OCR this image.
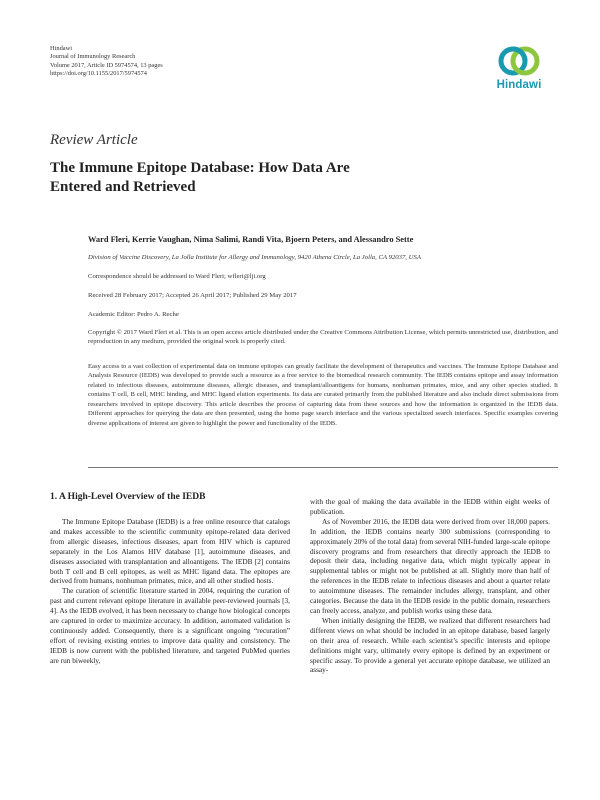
Hindawi
Journal of Immunology Research
Volume 2017, Article ID 5974574, 13 pages
https://doi.org/10.1155/2017/5974574
Hindawi
Review Article
The Immune Epitope Database: How Data Are
Entered and Retrieved
Ward Fleri, Kerrie Vaughan, Nima Salimi, Randi Vita, Bjoern Peters, and Alessandro Sette
Division of Vaccine Discovery, La Jolla Institute for Allergy and Immunology, 9420 Athena Circle, La Jolla, CA 92037, USA
Correspondence should be addressed to Ward Fleri; wfleri@lji.org
Received 28 February 2017; Accepted 26 April 2017; Published 29 May 2017
Academic Editor: Pedro A. Reche
Copyright © 2017 Ward Fleri et al. This is an open access article distributed under the Creative Commons Attribution License, which permits unrestricted use, distribution, and reproduction in any medium, provided the original work is properly cited.

Easy access to a vast collection of experimental data on immune epitopes can greatly facilitate the development of therapeutics and vaccines. The Immune Epitope Database and Analysis Resource (IEDB) was developed to provide such a resource as a free service to the biomedical research community. The IEDB contains epitope and assay information related to infectious diseases, autoimmune diseases, allergic diseases, and transplant/alloantigens for humans, nonhuman primates, mice, and any other species studied. It contains T cell, B cell, MHC binding, and MHC ligand elution experiments. Its data are curated primarily from the published literature and also include direct submissions from researchers involved in epitope discovery. This article describes the process of capturing data from these sources and how the information is organized in the IEDB data. Different approaches for querying the data are then presented, using the home page search interface and the various specialized search interfaces. Specific examples covering diverse applications of interest are given to highlight the power and functionality of the IEDB.

1. A High-Level Overview of the IEDB

The Immune Epitope Database (IEDB) is a free online resource that catalogs and makes accessible to the scientific community epitope-related data derived from allergic diseases, infectious diseases, apart from HIV which is captured separately in the Los Alamos HIV database [1], autoimmune diseases, and diseases associated with transplantation and alloantigens. The IEDB [2] contains both T cell and B cell epitopes, as well as MHC ligand data. The epitopes are derived from humans, nonhuman primates, mice, and all other studied hosts.

The curation of scientific literature started in 2004, requiring the curation of past and current relevant epitope literature in available peer-reviewed journals [3, 4]. As the IEDB evolved, it has been necessary to change how biological concepts are captured in order to maximize accuracy. In addition, automated validation is continuously added. Consequently, there is a significant ongoing “recuration” effort of revising existing entries to improve data quality and consistency. The IEDB is now current with the published literature, and targeted PubMed queries are run biweekly,

with the goal of making the data available in the IEDB within eight weeks of publication.

As of November 2016, the IEDB data were derived from over 18,000 papers. In addition, the IEDB contains nearly 300 submissions (corresponding to approximately 20% of the total data) from several NIH-funded large-scale epitope discovery programs and from researchers that directly approach the IEDB to deposit their data, including negative data, which might typically appear in supplemental tables or might not be published at all. Slightly more than half of the references in the IEDB relate to infectious diseases and about a quarter relate to autoimmune diseases. The remainder includes allergy, transplant, and other categories. Because the data in the IEDB reside in the public domain, researchers can freely access, analyze, and publish works using these data.

When initially designing the IEDB, we realized that different researchers had different views on what should be included in an epitope database, based largely on their area of research. While each scientist’s specific interests and epitope definitions might vary, ultimately every epitope is defined by an experiment or specific assay. To provide a general yet accurate epitope database, we utilized an assay-
